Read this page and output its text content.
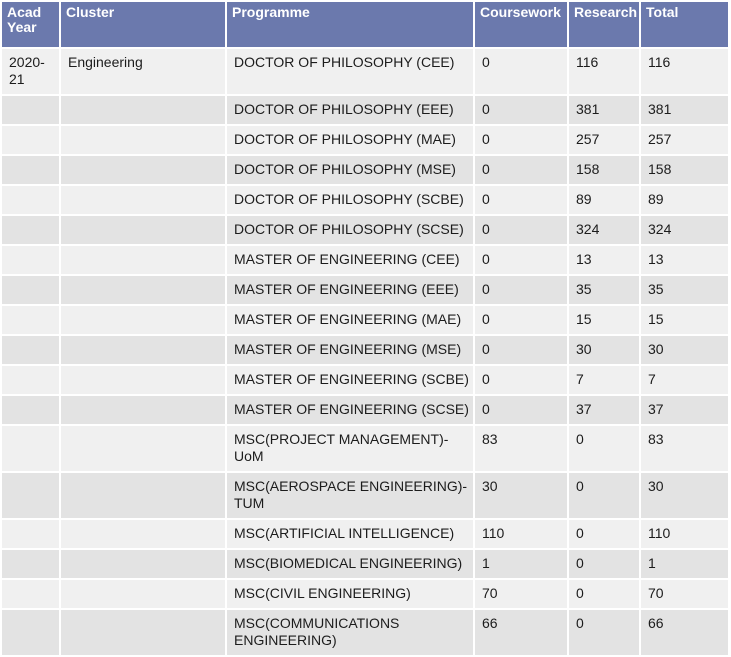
Acad Year	Cluster	Programme	Coursework	Research	Total
2020-21	Engineering	DOCTOR OF PHILOSOPHY (CEE)	0	116	116
		DOCTOR OF PHILOSOPHY (EEE)	0	381	381
		DOCTOR OF PHILOSOPHY (MAE)	0	257	257
		DOCTOR OF PHILOSOPHY (MSE)	0	158	158
		DOCTOR OF PHILOSOPHY (SCBE)	0	89	89
		DOCTOR OF PHILOSOPHY (SCSE)	0	324	324
		MASTER OF ENGINEERING (CEE)	0	13	13
		MASTER OF ENGINEERING (EEE)	0	35	35
		MASTER OF ENGINEERING (MAE)	0	15	15
		MASTER OF ENGINEERING (MSE)	0	30	30
		MASTER OF ENGINEERING (SCBE)	0	7	7
		MASTER OF ENGINEERING (SCSE)	0	37	37
		MSC(PROJECT MANAGEMENT)-UoM	83	0	83
		MSC(AEROSPACE ENGINEERING)-TUM	30	0	30
		MSC(ARTIFICIAL INTELLIGENCE)	110	0	110
		MSC(BIOMEDICAL ENGINEERING)	1	0	1
		MSC(CIVIL ENGINEERING)	70	0	70
		MSC(COMMUNICATIONS ENGINEERING)	66	0	66
